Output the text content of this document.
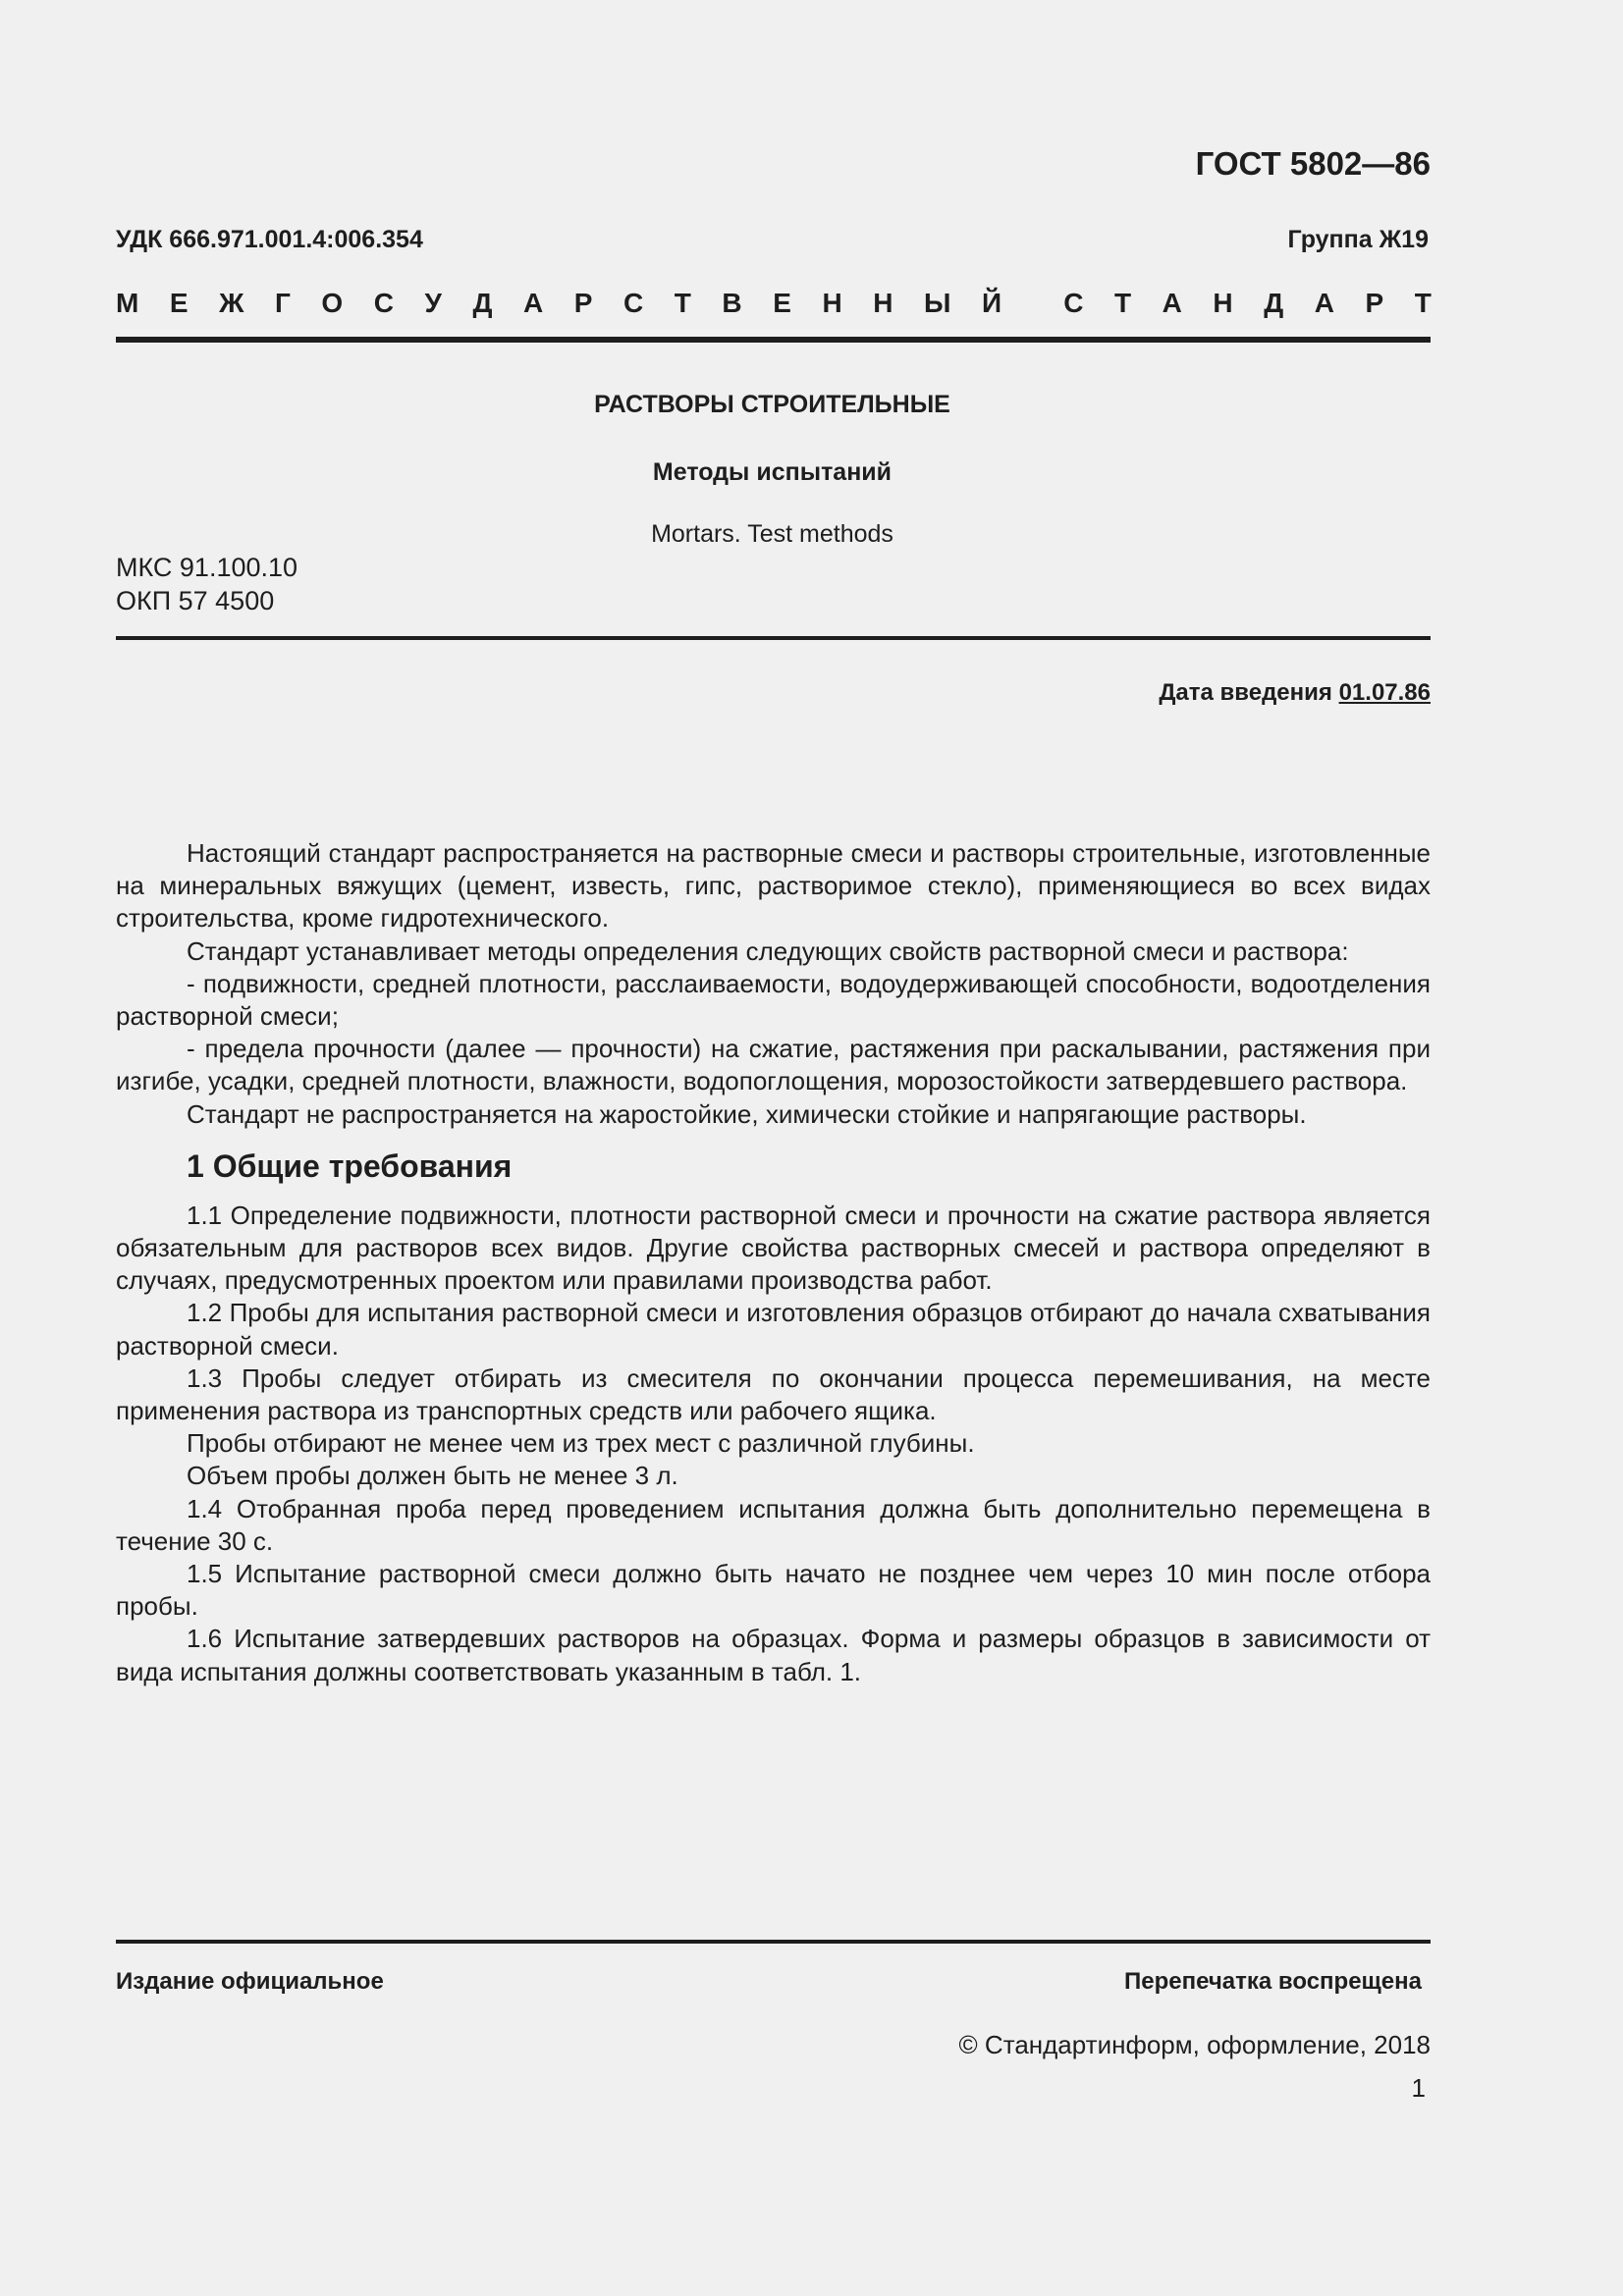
ГОСТ 5802—86
УДК 666.971.001.4:006.354	Группа Ж19
М Е Ж Г О С У Д А Р С Т В Е Н Н Ы Й С Т А Н Д А Р Т
РАСТВОРЫ СТРОИТЕЛЬНЫЕ
Методы испытаний
Mortars. Test methods
МКС 91.100.10
ОКП 57 4500
Дата введения 01.07.86

Настоящий стандарт распространяется на растворные смеси и растворы строительные, изготовленные на минеральных вяжущих (цемент, известь, гипс, растворимое стекло), применяющиеся во всех видах строительства, кроме гидротехнического.

Стандарт устанавливает методы определения следующих свойств растворной смеси и раствора:

- подвижности, средней плотности, расслаиваемости, водоудерживающей способности, водоотделения растворной смеси;

- предела прочности (далее — прочности) на сжатие, растяжения при раскалывании, растяжения при изгибе, усадки, средней плотности, влажности, водопоглощения, морозостойкости затвердевшего раствора.

Стандарт не распространяется на жаростойкие, химически стойкие и напрягающие растворы.

1 Общие требования

1.1 Определение подвижности, плотности растворной смеси и прочности на сжатие раствора является обязательным для растворов всех видов. Другие свойства растворных смесей и раствора определяют в случаях, предусмотренных проектом или правилами производства работ.

1.2 Пробы для испытания растворной смеси и изготовления образцов отбирают до начала схватывания растворной смеси.

1.3 Пробы следует отбирать из смесителя по окончании процесса перемешивания, на месте применения раствора из транспортных средств или рабочего ящика.

Пробы отбирают не менее чем из трех мест с различной глубины.

Объем пробы должен быть не менее 3 л.

1.4 Отобранная проба перед проведением испытания должна быть дополнительно перемещена в течение 30 с.

1.5 Испытание растворной смеси должно быть начато не позднее чем через 10 мин после отбора пробы.

1.6 Испытание затвердевших растворов на образцах. Форма и размеры образцов в зависимости от вида испытания должны соответствовать указанным в табл. 1.

Издание официальное	Перепечатка воспрещена
© Стандартинформ, оформление, 2018
1
